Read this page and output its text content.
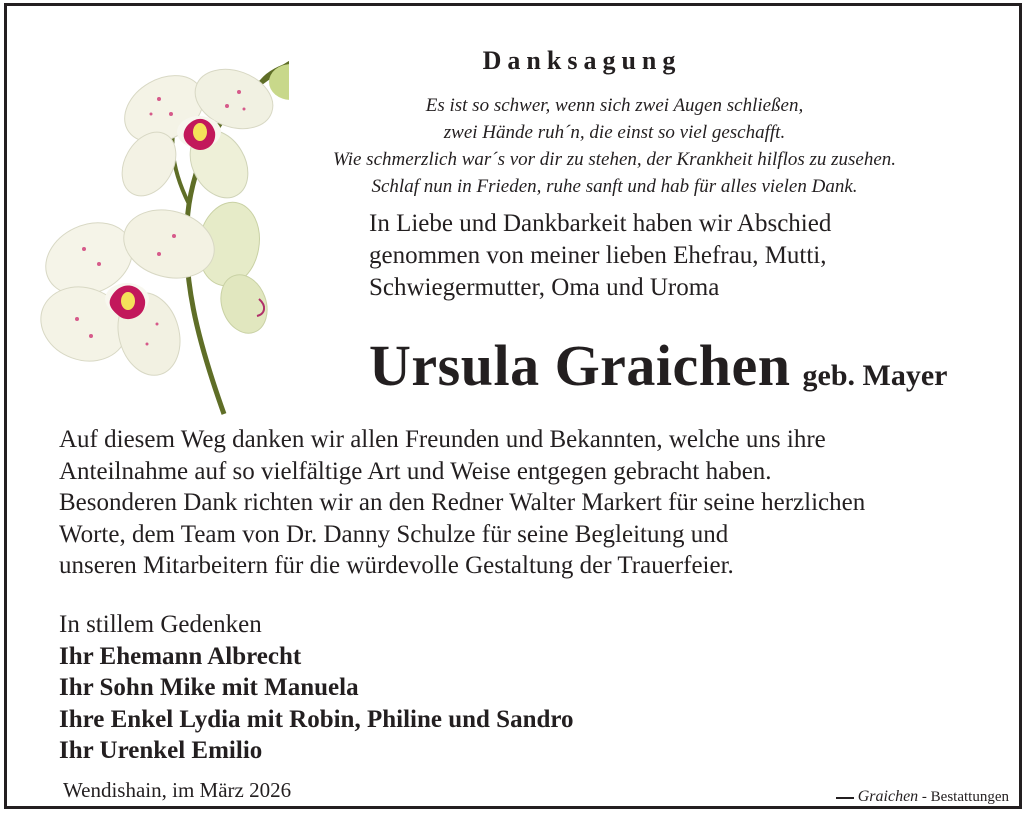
Danksagung
Es ist so schwer, wenn sich zwei Augen schließen,
zwei Hände ruh´n, die einst so viel geschafft.
Wie schmerzlich war´s vor dir zu stehen, der Krankheit hilflos zu zusehen.
Schlaf nun in Frieden, ruhe sanft und hab für alles vielen Dank.
In Liebe und Dankbarkeit haben wir Abschied
genommen von meiner lieben Ehefrau, Mutti,
Schwiegermutter, Oma und Uroma
Ursula Graichen geb. Mayer
Auf diesem Weg danken wir allen Freunden und Bekannten, welche uns ihre
Anteilnahme auf so vielfältige Art und Weise entgegen gebracht haben.
Besonderen Dank richten wir an den Redner Walter Markert für seine herzlichen
Worte, dem Team von Dr. Danny Schulze für seine Begleitung und
unseren Mitarbeitern für die würdevolle Gestaltung der Trauerfeier.
In stillem Gedenken
Ihr Ehemann Albrecht
Ihr Sohn Mike mit Manuela
Ihre Enkel Lydia mit Robin, Philine und Sandro
Ihr Urenkel Emilio
Wendishain, im März 2026	Graichen - Bestattungen
